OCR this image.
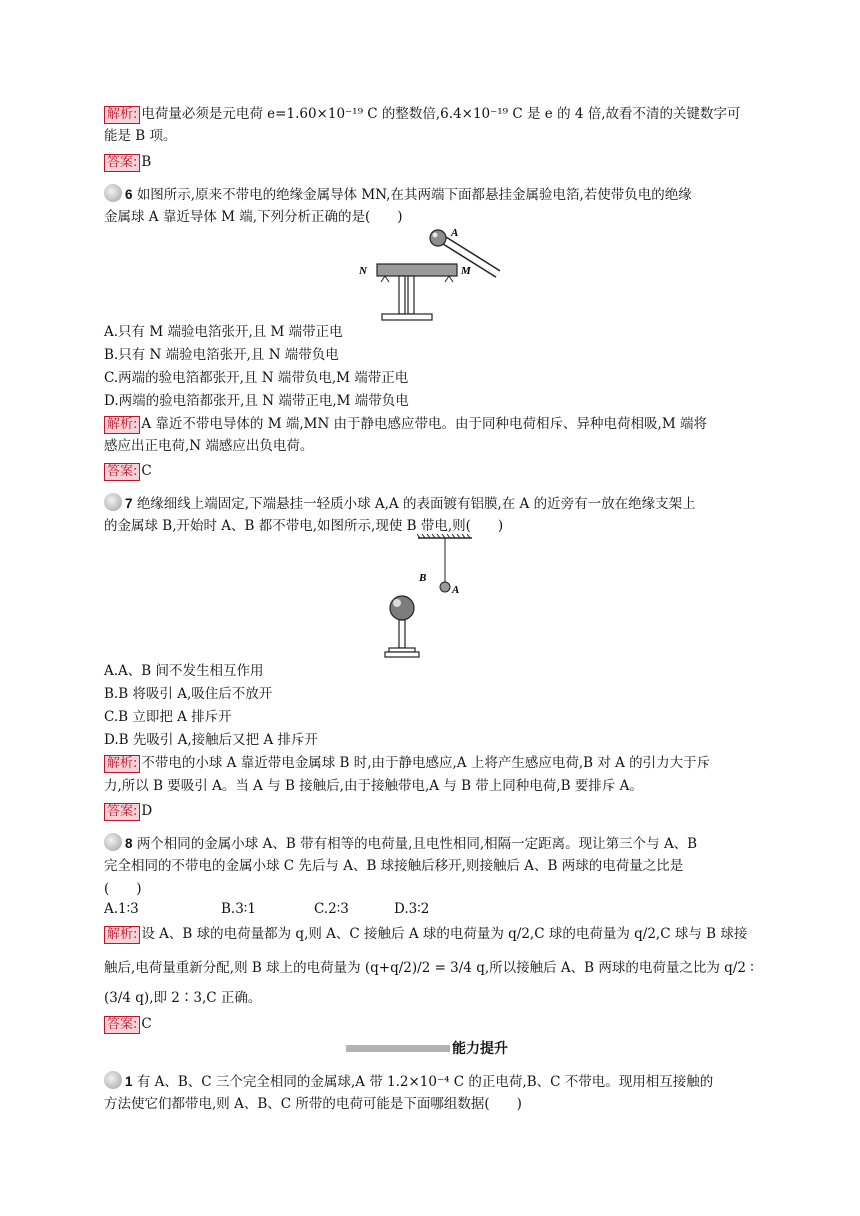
解析: 电荷量必须是元电荷 e=1.60×10⁻¹⁹ C 的整数倍,6.4×10⁻¹⁹ C 是 e 的 4 倍,故看不清的关键数字可
能是 B 项。
答案: B
6 如图所示,原来不带电的绝缘金属导体 MN,在其两端下面都悬挂金属验电箔,若使带负电的绝缘
金属球 A 靠近导体 M 端,下列分析正确的是(　　)
N	M
A
A.只有 M 端验电箔张开,且 M 端带正电
B.只有 N 端验电箔张开,且 N 端带负电
C.两端的验电箔都张开,且 N 端带负电,M 端带正电
D.两端的验电箔都张开,且 N 端带正电,M 端带负电
解析: A 靠近不带电导体的 M 端,MN 由于静电感应带电。由于同种电荷相斥、异种电荷相吸,M 端将
感应出正电荷,N 端感应出负电荷。
答案: C
7 绝缘细线上端固定,下端悬挂一轻质小球 A,A 的表面镀有铝膜,在 A 的近旁有一放在绝缘支架上
的金属球 B,开始时 A、B 都不带电,如图所示,现使 B 带电,则(　　)
B
A
A.A、B 间不发生相互作用
B.B 将吸引 A,吸住后不放开
C.B 立即把 A 排斥开
D.B 先吸引 A,接触后又把 A 排斥开
解析: 不带电的小球 A 靠近带电金属球 B 时,由于静电感应,A 上将产生感应电荷,B 对 A 的引力大于斥
力,所以 B 要吸引 A。当 A 与 B 接触后,由于接触带电,A 与 B 带上同种电荷,B 要排斥 A。
答案: D
8 两个相同的金属小球 A、B 带有相等的电荷量,且电性相同,相隔一定距离。现让第三个与 A、B
完全相同的不带电的金属小球 C 先后与 A、B 球接触后移开,则接触后 A、B 两球的电荷量之比是
(　　)
A.1∶3	B.3∶1	C.2∶3	D.3∶2
解析: 设 A、B 球的电荷量都为 q,则 A、C 接触后 A 球的电荷量为 q/2,C 球的电荷量为 q/2,C 球与 B 球接
触后,电荷量重新分配,则 B 球上的电荷量为 (q+q/2)/2 = 3/4 q,所以接触后 A、B 两球的电荷量之比为 q/2 ∶
(3/4 q),即 2∶3,C 正确。
答案: C
能力提升
1 有 A、B、C 三个完全相同的金属球,A 带 1.2×10⁻⁴ C 的正电荷,B、C 不带电。现用相互接触的
方法使它们都带电,则 A、B、C 所带的电荷可能是下面哪组数据(　　)
